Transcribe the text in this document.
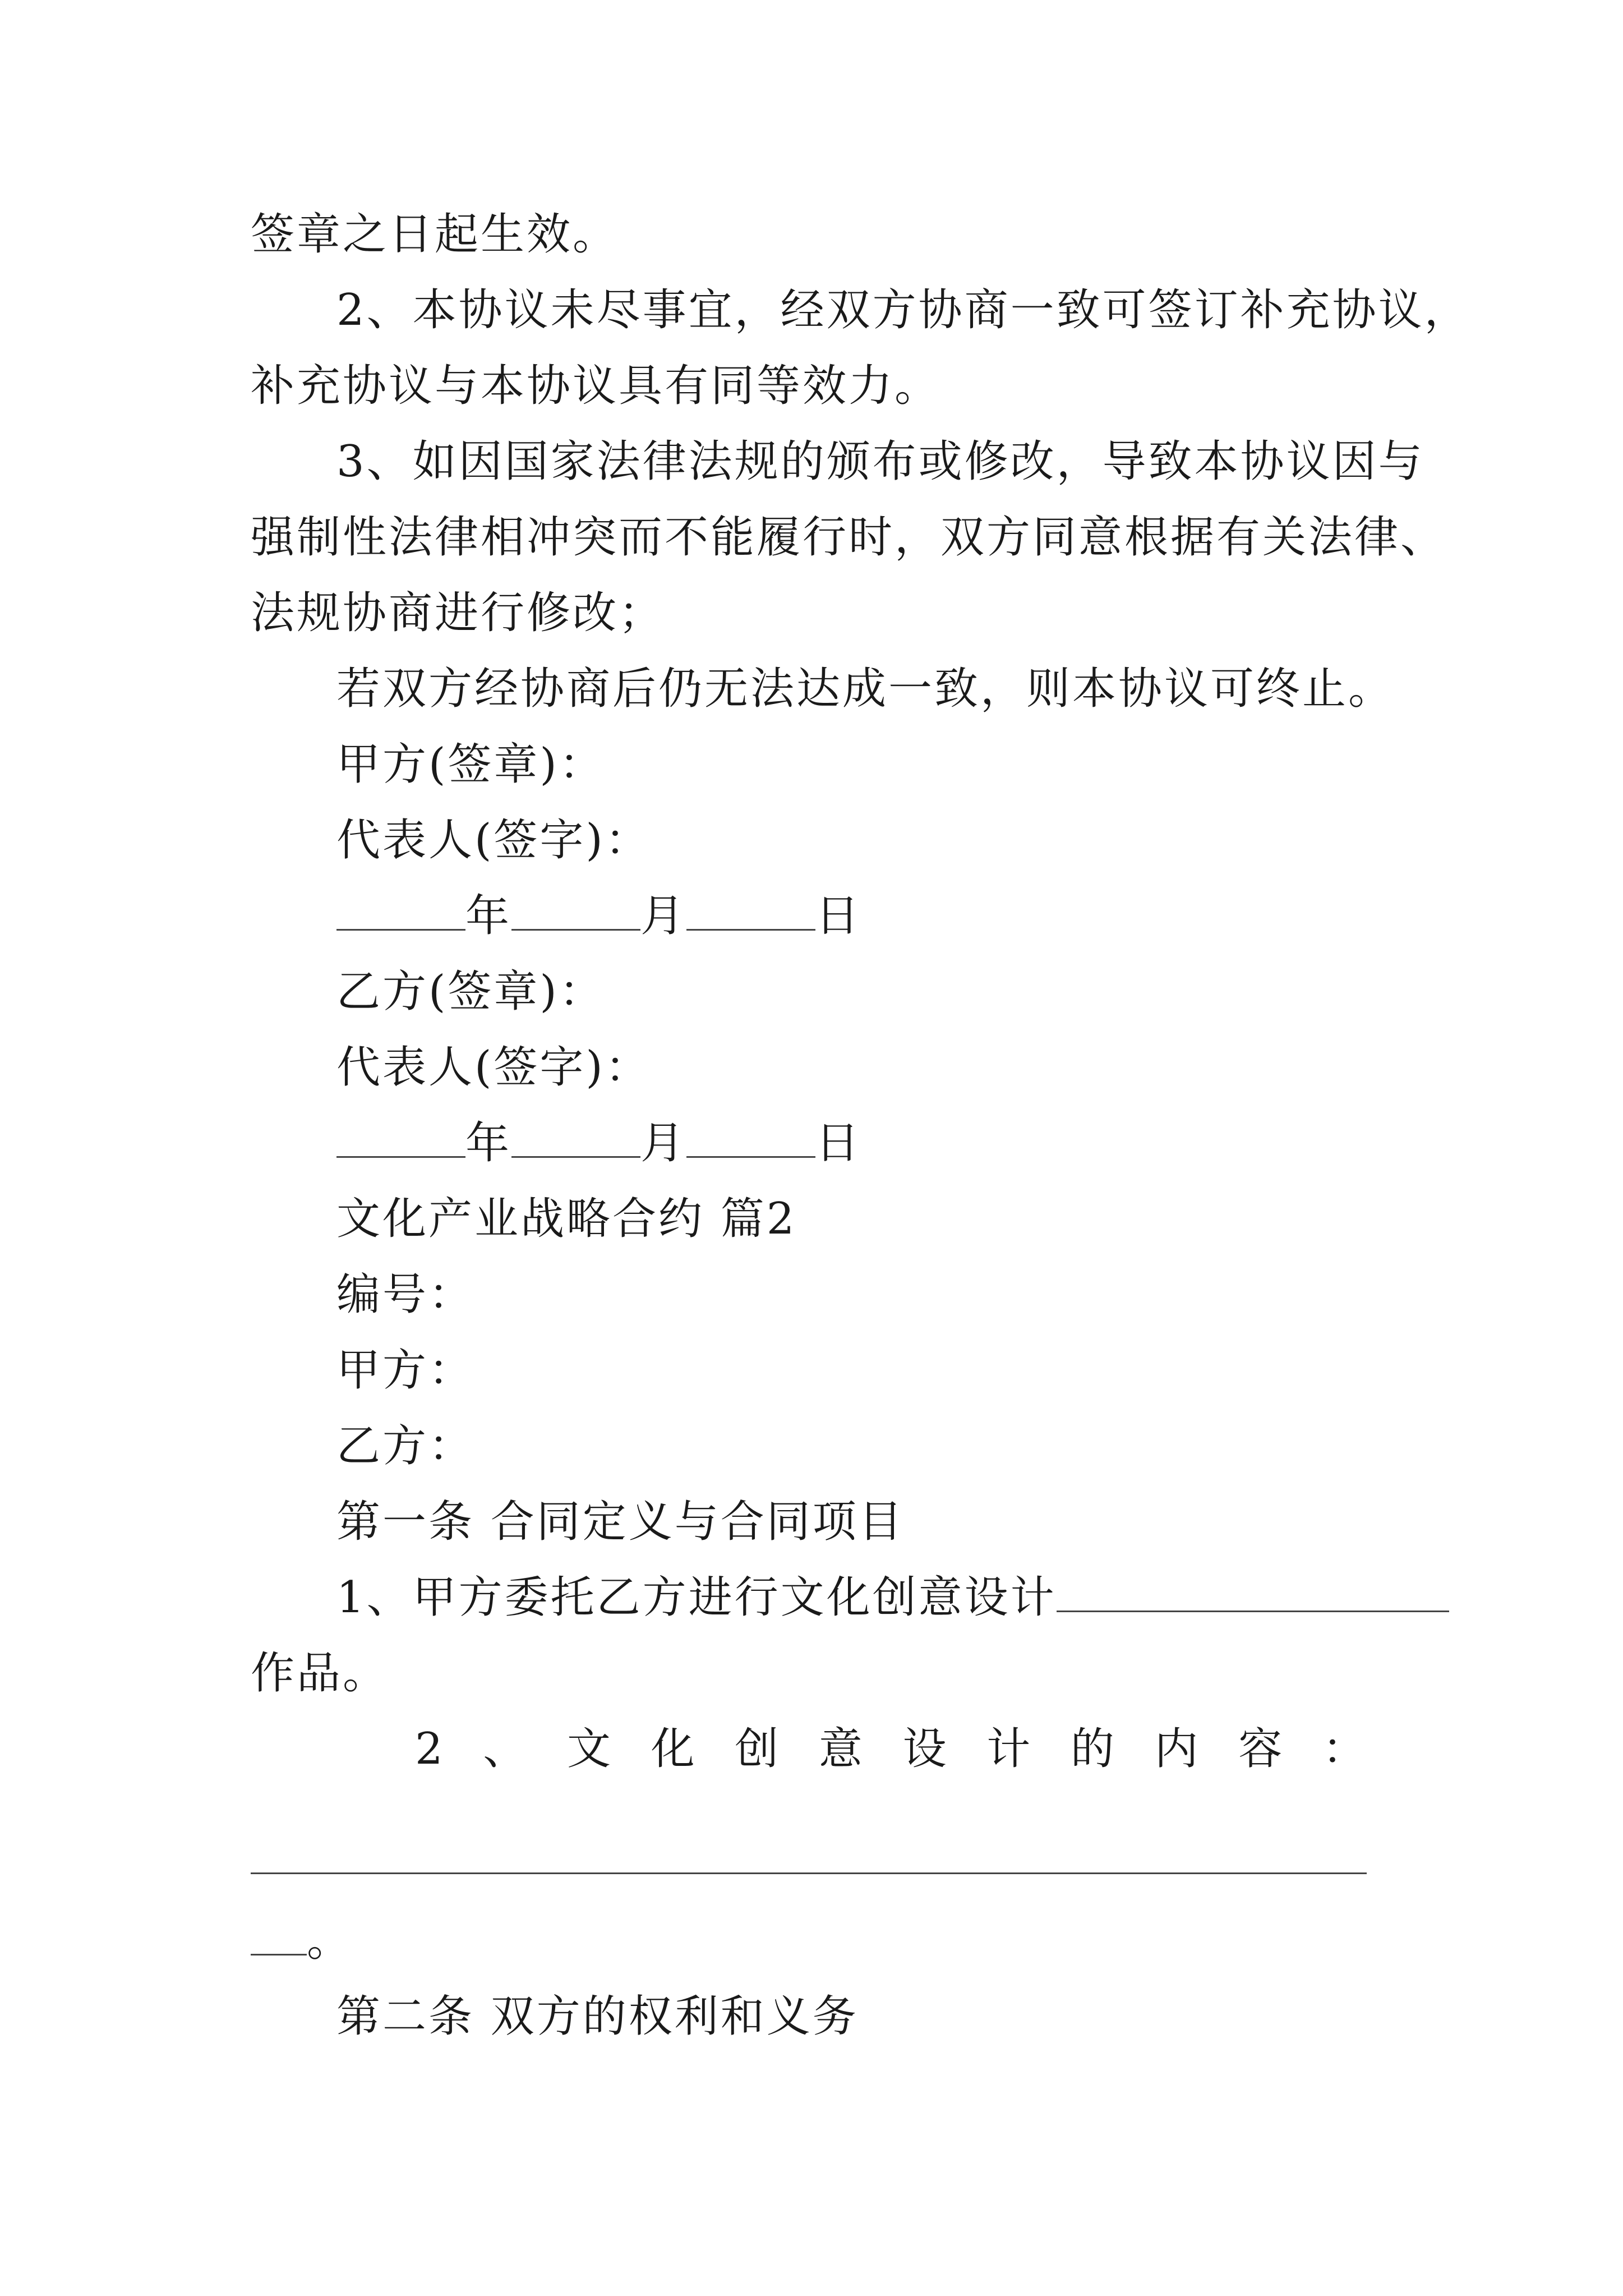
签章之日起生效。
2、本协议未尽事宜，经双方协商一致可签订补充协议，
补充协议与本协议具有同等效力。
3、如因国家法律法规的颁布或修改，导致本协议因与
强制性法律相冲突而不能履行时，双方同意根据有关法律、
法规协商进行修改；
若双方经协商后仍无法达成一致，则本协议可终止。
甲方(签章)：
代表人(签字)：
年	月	日
乙方(签章)：
代表人(签字)：
年	月	日
文化产业战略合约 篇2
编号：
甲方：
乙方：
第一条 合同定义与合同项目
1、甲方委托乙方进行文化创意设计
作品。
2 、 文 化 创 意 设 计 的 内 容 ：
。
第二条 双方的权利和义务
